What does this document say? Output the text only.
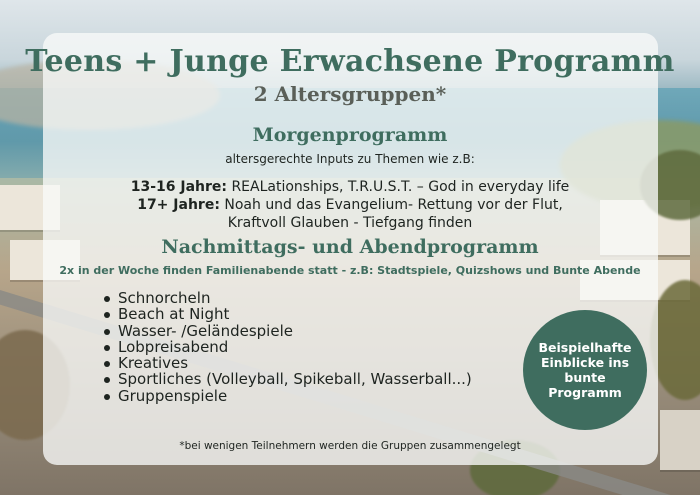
Teens + Junge Erwachsene Programm
2 Altersgruppen*
Morgenprogramm
altersgerechte Inputs zu Themen wie z.B:
13-16 Jahre: REALationships, T.R.U.S.T. – God in everyday life
17+ Jahre: Noah und das Evangelium- Rettung vor der Flut,
Kraftvoll Glauben - Tiefgang finden
Nachmittags- und Abendprogramm
2x in der Woche finden Familienabende statt - z.B: Stadtspiele, Quizshows und Bunte Abende
Schnorcheln
Beach at Night
Wasser- /Geländespiele
Lobpreisabend
Kreatives
Sportliches (Volleyball, Spikeball, Wasserball...)
Gruppenspiele
Beispielhafte
Einblicke ins
bunte
Programm
*bei wenigen Teilnehmern werden die Gruppen zusammengelegt
